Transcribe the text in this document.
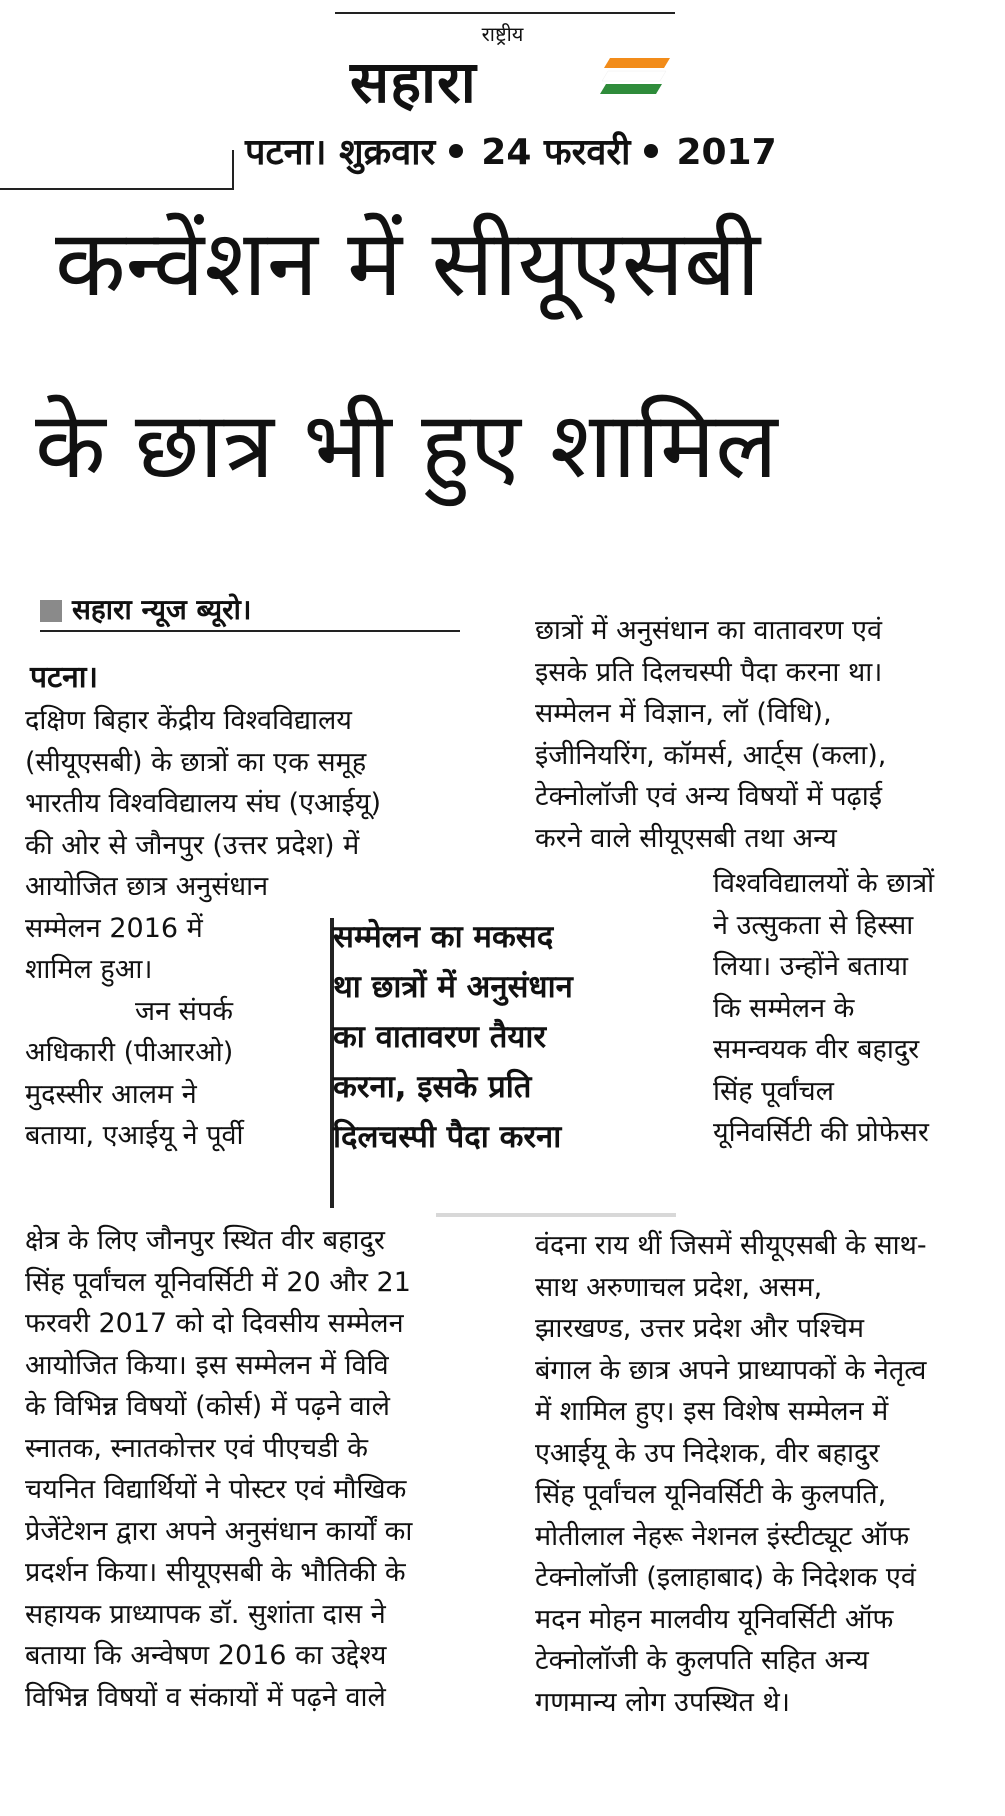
राष्ट्रीय
सहारा
पटना। शुक्रवार 24 फरवरी 2017
कन्वेंशन में सीयूएसबी
के छात्र भी हुए शामिल
सहारा न्यूज ब्यूरो।
पटना।

दक्षिण बिहार केंद्रीय विश्वविद्यालय

(सीयूएसबी) के छात्रों का एक समूह

भारतीय विश्वविद्यालय संघ (एआईयू)

की ओर से जौनपुर (उत्तर प्रदेश) में

आयोजित छात्र अनुसंधान

सम्मेलन 2016 में

शामिल हुआ।

जन संपर्क

अधिकारी (पीआरओ)

मुदस्सीर आलम ने

बताया, एआईयू ने पूर्वी

क्षेत्र के लिए जौनपुर स्थित वीर बहादुर

सिंह पूर्वांचल यूनिवर्सिटी में 20 और 21

फरवरी 2017 को दो दिवसीय सम्मेलन

आयोजित किया। इस सम्मेलन में विवि

के विभिन्न विषयों (कोर्स) में पढ़ने वाले

स्नातक, स्नातकोत्तर एवं पीएचडी के

चयनित विद्यार्थियों ने पोस्टर एवं मौखिक

प्रेजेंटेशन द्वारा अपने अनुसंधान कार्यों का

प्रदर्शन किया। सीयूएसबी के भौतिकी के

सहायक प्राध्यापक डॉ. सुशांता दास ने

बताया कि अन्वेषण 2016 का उद्देश्य

विभिन्न विषयों व संकायों में पढ़ने वाले

सम्मेलन का मकसद
था छात्रों में अनुसंधान
का वातावरण तैयार
करना, इसके प्रति
दिलचस्पी पैदा करना

छात्रों में अनुसंधान का वातावरण एवं

इसके प्रति दिलचस्पी पैदा करना था।

सम्मेलन में विज्ञान, लॉ (विधि),

इंजीनियरिंग, कॉमर्स, आर्ट्स (कला),

टेक्नोलॉजी एवं अन्य विषयों में पढ़ाई

करने वाले सीयूएसबी तथा अन्य

विश्वविद्यालयों के छात्रों

ने उत्सुकता से हिस्सा

लिया। उन्होंने बताया

कि सम्मेलन के

समन्वयक वीर बहादुर

सिंह पूर्वांचल

यूनिवर्सिटी की प्रोफेसर

वंदना राय थीं जिसमें सीयूएसबी के साथ-

साथ अरुणाचल प्रदेश, असम,

झारखण्ड, उत्तर प्रदेश और पश्चिम

बंगाल के छात्र अपने प्राध्यापकों के नेतृत्व

में शामिल हुए। इस विशेष सम्मेलन में

एआईयू के उप निदेशक, वीर बहादुर

सिंह पूर्वांचल यूनिवर्सिटी के कुलपति,

मोतीलाल नेहरू नेशनल इंस्टीट्यूट ऑफ

टेक्नोलॉजी (इलाहाबाद) के निदेशक एवं

मदन मोहन मालवीय यूनिवर्सिटी ऑफ

टेक्नोलॉजी के कुलपति सहित अन्य

गणमान्य लोग उपस्थित थे।
